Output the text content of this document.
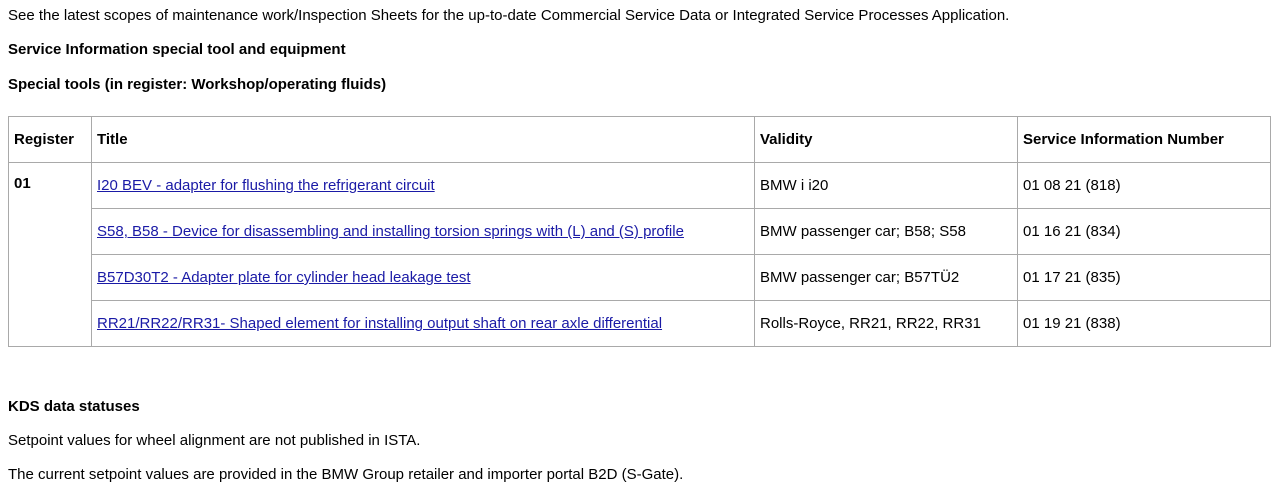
See the latest scopes of maintenance work/Inspection Sheets for the up-to-date Commercial Service Data or Integrated Service Processes Application.
Service Information special tool and equipment
Special tools (in register: Workshop/operating fluids)
Register	Title	Validity	Service Information Number
01	I20 BEV - adapter for flushing the refrigerant circuit	BMW i i20	01 08 21 (818)
	S58, B58 - Device for disassembling and installing torsion springs with (L) and (S) profile	BMW passenger car; B58; S58	01 16 21 (834)
	B57D30T2 - Adapter plate for cylinder head leakage test	BMW passenger car; B57TÜ2	01 17 21 (835)
	RR21/RR22/RR31- Shaped element for installing output shaft on rear axle differential	Rolls-Royce, RR21, RR22, RR31	01 19 21 (838)
KDS data statuses
Setpoint values for wheel alignment are not published in ISTA.
The current setpoint values are provided in the BMW Group retailer and importer portal B2D (S-Gate).
